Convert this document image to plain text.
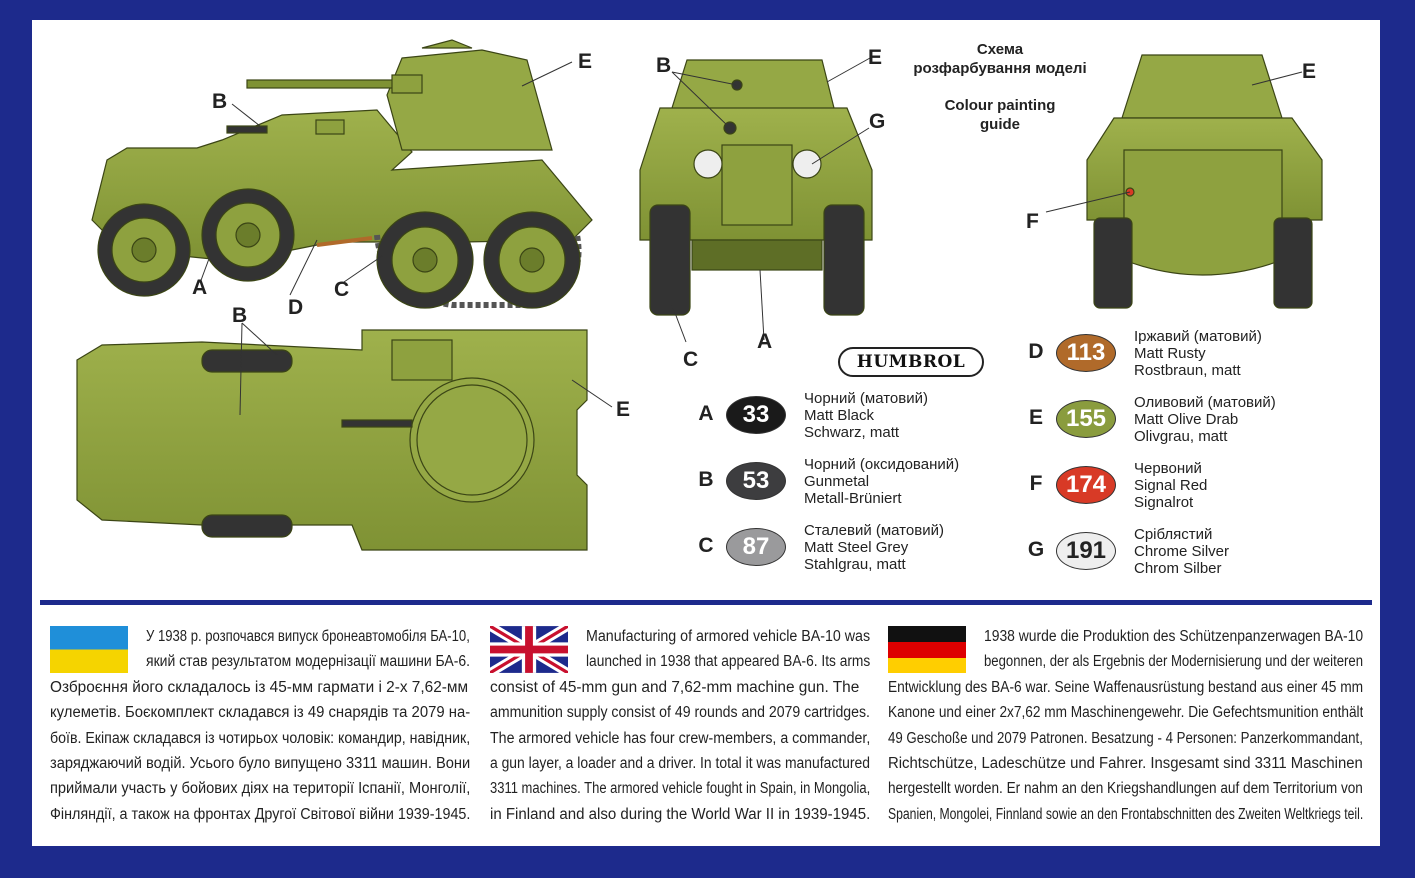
B
E
A
D
C
B	E
G
C
A
E
F
B
E
Схема
розфарбування моделі
Colour painting
guide
HUMBROL
A	33
Чорний (матовий)
Matt Black
Schwarz, matt
B	53
Чорний (оксидований)
Gunmetal
Metall-Brüniert
C	87
Сталевий (матовий)
Matt Steel Grey
Stahlgrau, matt
D 113
Іржавий (матовий)
Matt Rusty
Rostbraun, matt
E 155
Оливовий (матовий)
Matt Olive Drab
Olivgrau, matt
F 174
Червоний
Signal Red
Signalrot
G 191
Сріблястий
Chrome Silver
Chrom Silber
У 1938 р. розпочався випуск бронеавтомобіля БА-10,
який став результатом модернізації машини БА-6.
Озброєння його складалось із 45-мм гармати і 2-х 7,62-мм
кулеметів. Боєкомплект складався із 49 снарядів та 2079 на-
боїв. Екіпаж складався із чотирьох чоловік: командир, навідник,
заряджаючий водій. Усього було випущено 3311 машин. Вони
приймали участь у бойових діях на території Іспанії, Монголії,
Фінляндії, а також на фронтах Другої Світової війни 1939-1945.
Manufacturing of armored vehicle BA-10 was
launched in 1938 that appeared BA-6. Its arms
consist of 45-mm gun and 7,62-mm machine gun. The
ammunition supply consist of 49 rounds and 2079 cartridges.
The armored vehicle has four crew-members, a commander,
a gun layer, a loader and a driver. In total it was manufactured
3311 machines. The armored vehicle fought in Spain, in Mongolia,
in Finland and also during the World War II in 1939-1945.
1938 wurde die Produktion des Schützenpanzerwagen BA-10
begonnen, der als Ergebnis der Modernisierung und der weiteren
Entwicklung des BA-6 war. Seine Waffenausrüstung bestand aus einer 45 mm
Kanone und einer 2x7,62 mm Maschinengewehr. Die Gefechtsmunition enthält
49 Geschoße und 2079 Patronen. Besatzung - 4 Personen: Panzerkommandant,
Richtschütze, Ladeschütze und Fahrer. Insgesamt sind 3311 Maschinen
hergestellt worden. Er nahm an den Kriegshandlungen auf dem Territorium von
Spanien, Mongolei, Finnland sowie an den Frontabschnitten des Zweiten Weltkriegs teil.
